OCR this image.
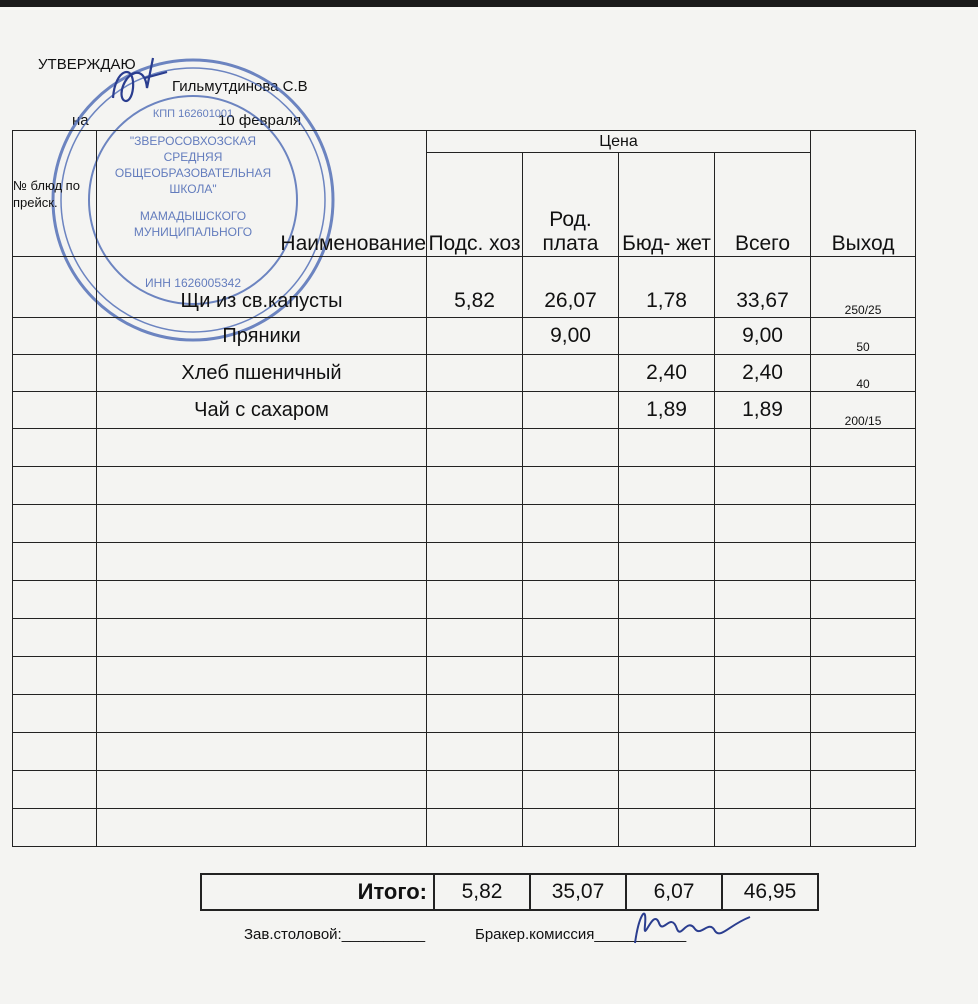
УТВЕРЖДАЮ
Гильмутдинова С.В
на	10 февраля
"ЗВЕРОСОВХОЗСКАЯ
СРЕДНЯЯ
ОБЩЕОБРАЗОВАТЕЛЬНАЯ
ШКОЛА"
МАМАДЫШСКОГО
МУНИЦИПАЛЬНОГО
ИНН 1626005342
КПП 162601001
№ блюд по прейск.	Наименование	Цена				Выход
		Подс. хоз	Род. плата	Бюд- жет	Всего	
	Щи из св.капусты	5,82	26,07	1,78	33,67	250/25
	Пряники		9,00		9,00	50
	Хлеб пшеничный			2,40	2,40	40
	Чай с сахаром			1,89	1,89	200/15

Итого:	5,82	35,07	6,07	46,95
Зав.столовой:__________	Бракер.комиссия___________
